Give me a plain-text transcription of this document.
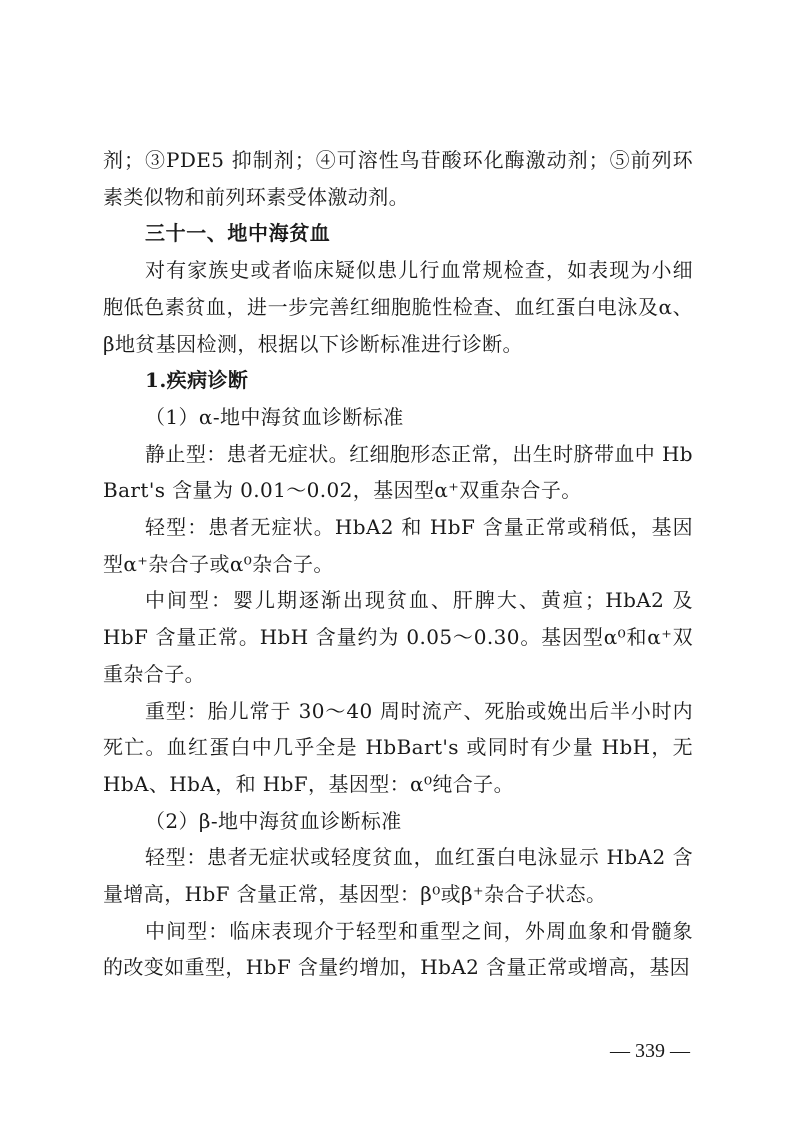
剂；③PDE5 抑制剂；④可溶性鸟苷酸环化酶激动剂；⑤前列环素类似物和前列环素受体激动剂。

三十一、地中海贫血

对有家族史或者临床疑似患儿行血常规检查，如表现为小细胞低色素贫血，进一步完善红细胞脆性检查、血红蛋白电泳及α、β地贫基因检测，根据以下诊断标准进行诊断。

1.疾病诊断

（1）α-地中海贫血诊断标准

静止型：患者无症状。红细胞形态正常，出生时脐带血中 Hb Bart's 含量为 0.01～0.02，基因型α⁺双重杂合子。

轻型：患者无症状。HbA2 和 HbF 含量正常或稍低，基因型α⁺杂合子或α⁰杂合子。

中间型：婴儿期逐渐出现贫血、肝脾大、黄疸；HbA2 及 HbF 含量正常。HbH 含量约为 0.05～0.30。基因型α⁰和α⁺双重杂合子。

重型：胎儿常于 30～40 周时流产、死胎或娩出后半小时内死亡。血红蛋白中几乎全是 HbBart's 或同时有少量 HbH，无 HbA、HbA，和 HbF，基因型：α⁰纯合子。

（2）β-地中海贫血诊断标准

轻型：患者无症状或轻度贫血，血红蛋白电泳显示 HbA2 含量增高，HbF 含量正常，基因型：β⁰或β⁺杂合子状态。

中间型：临床表现介于轻型和重型之间，外周血象和骨髓象的改变如重型，HbF 含量约增加，HbA2 含量正常或增高，基因

— 339 —
